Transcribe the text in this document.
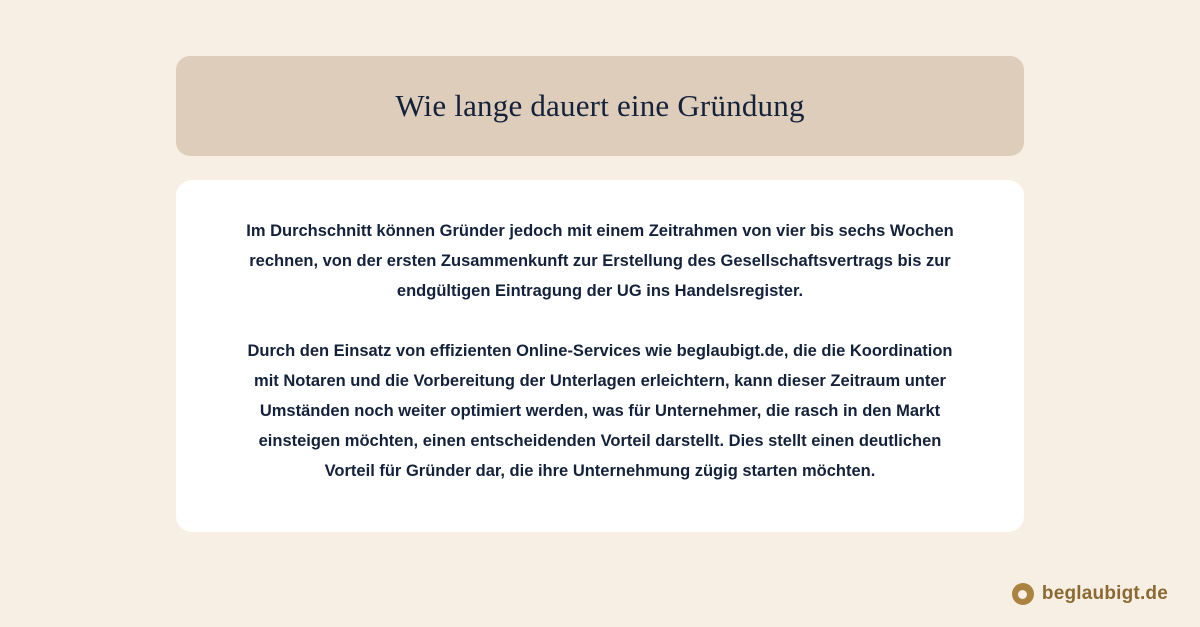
Wie lange dauert eine Gründung

Im Durchschnitt können Gründer jedoch mit einem Zeitrahmen von vier bis sechs Wochen rechnen, von der ersten Zusammenkunft zur Erstellung des Gesellschaftsvertrags bis zur endgültigen Eintragung der UG ins Handelsregister.

Durch den Einsatz von effizienten Online-Services wie beglaubigt.de, die die Koordination mit Notaren und die Vorbereitung der Unterlagen erleichtern, kann dieser Zeitraum unter Umständen noch weiter optimiert werden, was für Unternehmer, die rasch in den Markt einsteigen möchten, einen entscheidenden Vorteil darstellt. Dies stellt einen deutlichen Vorteil für Gründer dar, die ihre Unternehmung zügig starten möchten.

beglaubigt.de
